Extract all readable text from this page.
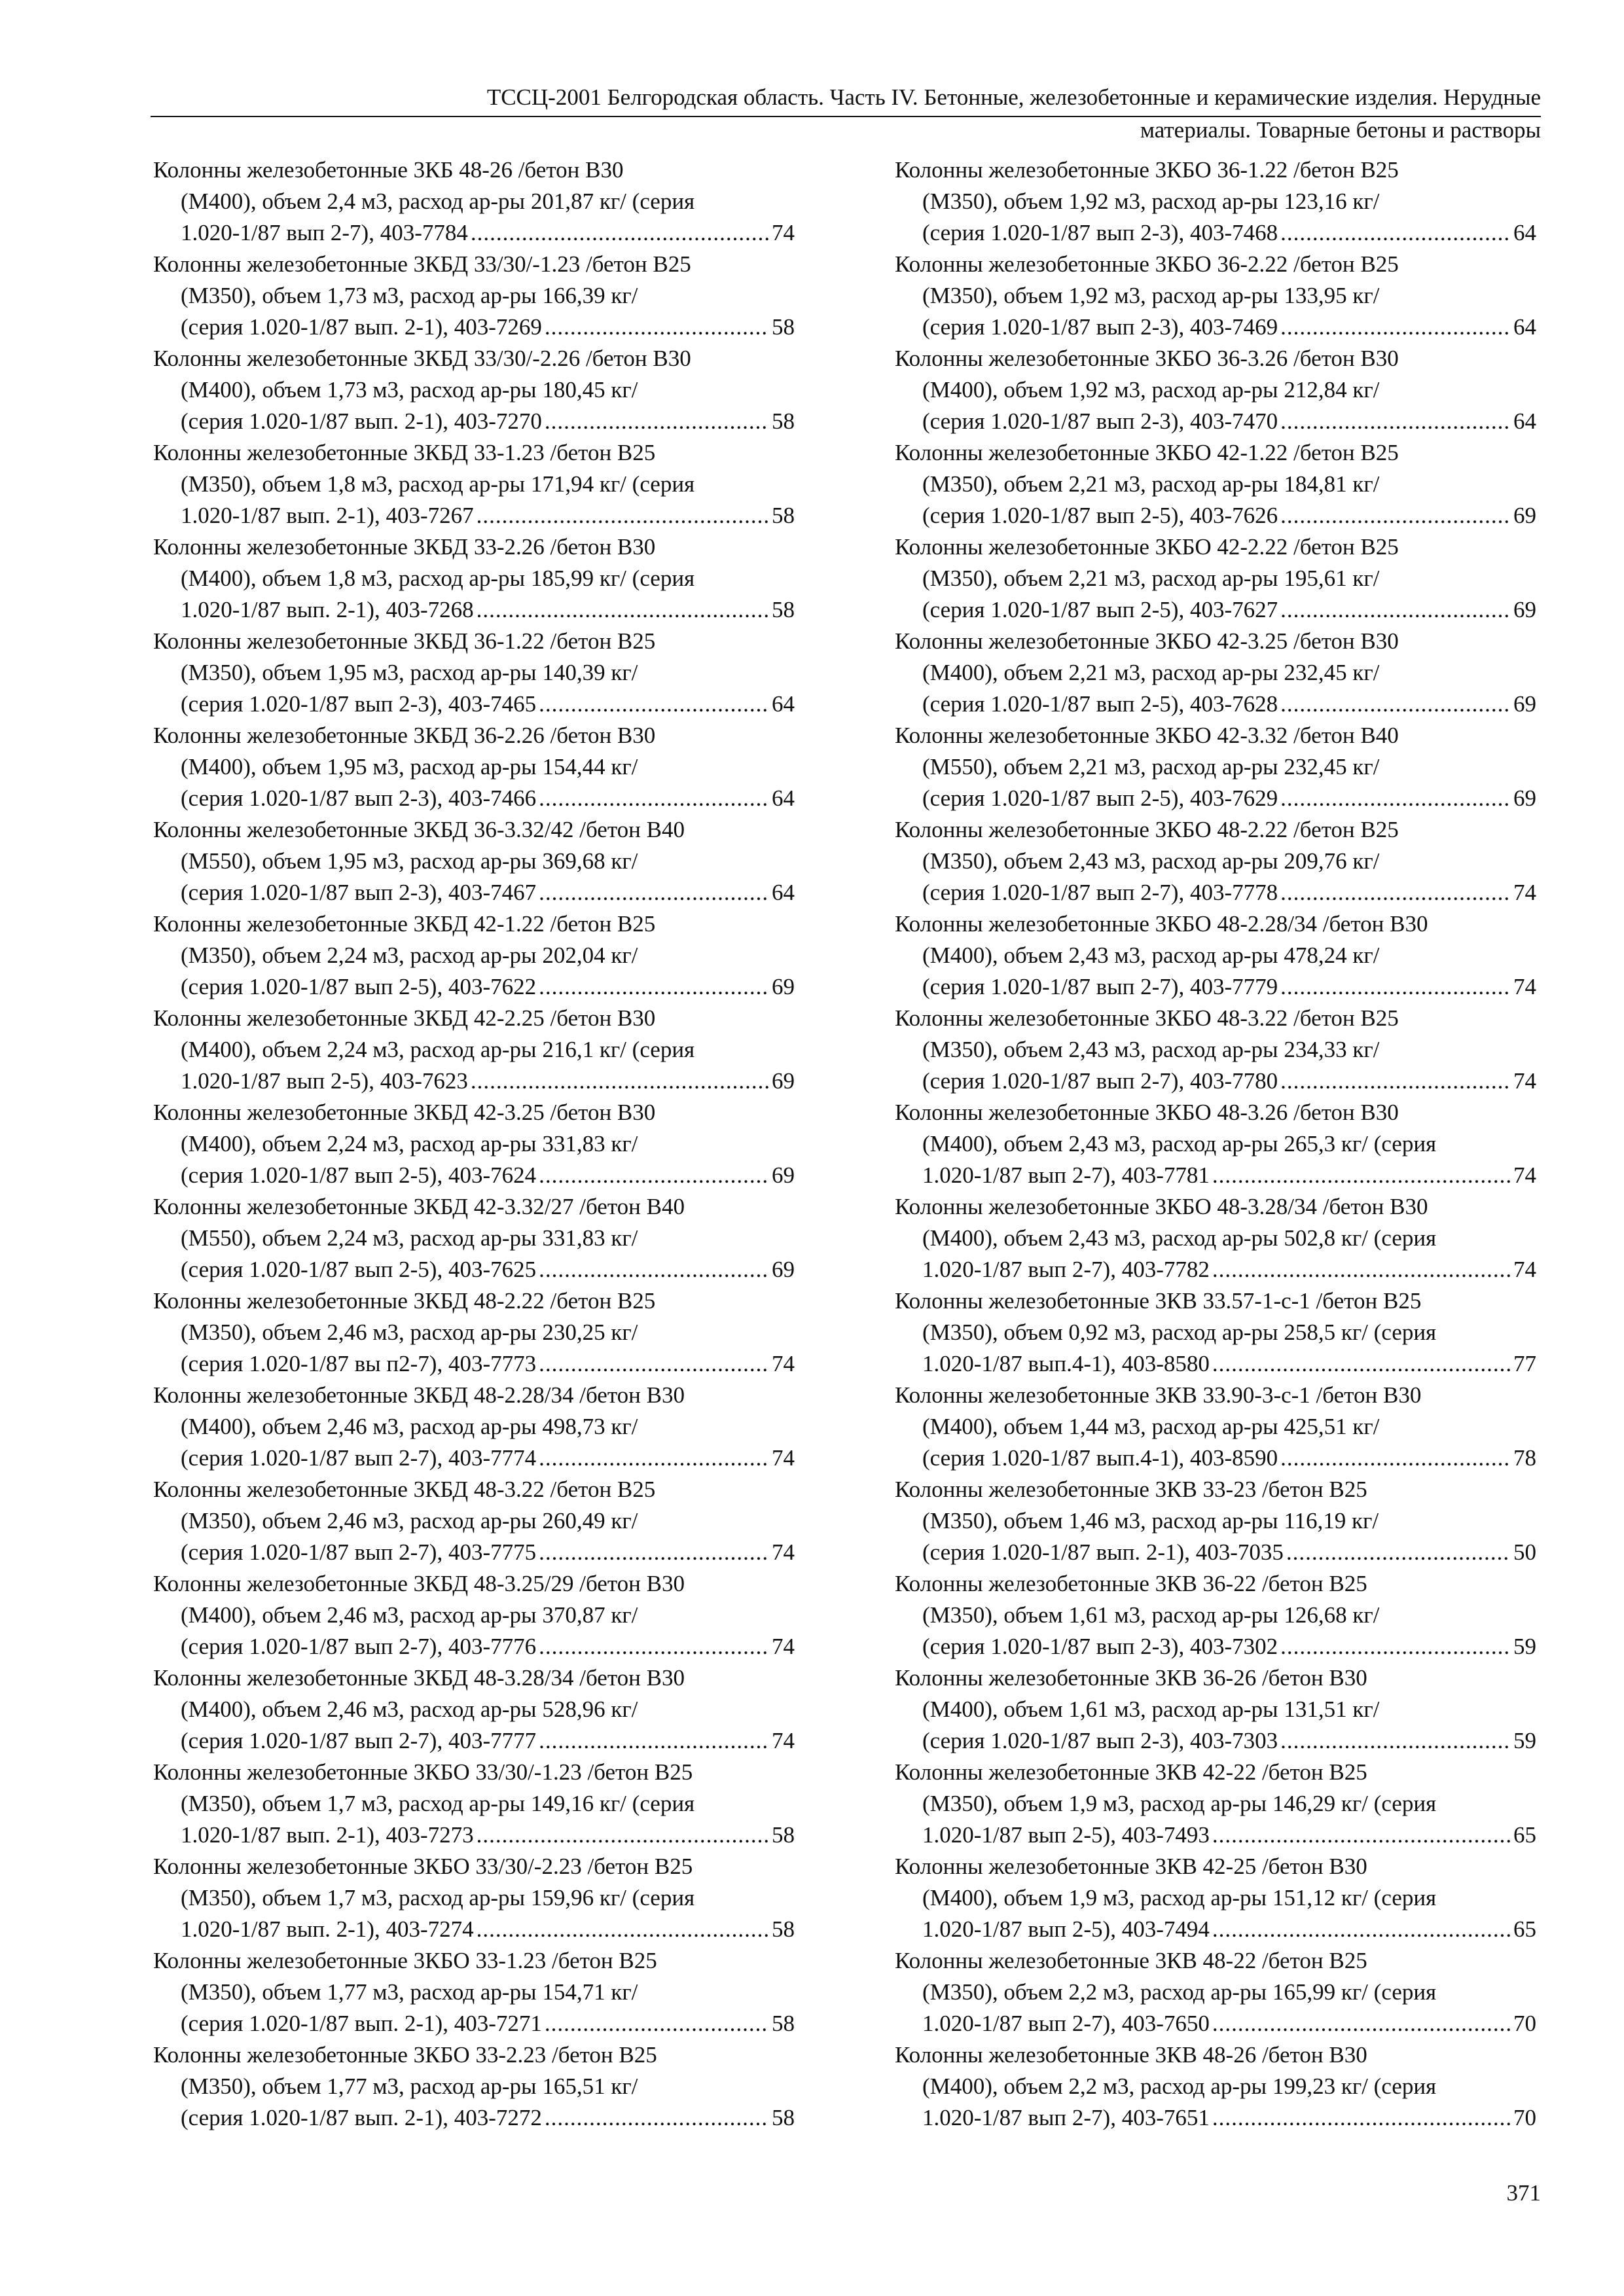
ТССЦ-2001 Белгородская область. Часть IV. Бетонные, железобетонные и керамические изделия. Нерудные
материалы. Товарные бетоны и растворы
Колонны железобетонные 3КБ 48-26 /бетон В30
(М400), объем 2,4 м3, расход ар-ры 201,87 кг/ (серия
1.020-1/87 вып 2-7), 403-7784 .....	74
Колонны железобетонные 3КБД 33/30/-1.23 /бетон В25
(М350), объем 1,73 м3, расход ар-ры 166,39 кг/
(серия 1.020-1/87 вып. 2-1), 403-7269 .....	58
Колонны железобетонные 3КБД 33/30/-2.26 /бетон В30
(М400), объем 1,73 м3, расход ар-ры 180,45 кг/
(серия 1.020-1/87 вып. 2-1), 403-7270 .....	58
Колонны железобетонные 3КБД 33-1.23 /бетон В25
(М350), объем 1,8 м3, расход ар-ры 171,94 кг/ (серия
1.020-1/87 вып. 2-1), 403-7267 .....	58
Колонны железобетонные 3КБД 33-2.26 /бетон В30
(М400), объем 1,8 м3, расход ар-ры 185,99 кг/ (серия
1.020-1/87 вып. 2-1), 403-7268 .....	58
Колонны железобетонные 3КБД 36-1.22 /бетон В25
(М350), объем 1,95 м3, расход ар-ры 140,39 кг/
(серия 1.020-1/87 вып 2-3), 403-7465 .....	64
Колонны железобетонные 3КБД 36-2.26 /бетон В30
(М400), объем 1,95 м3, расход ар-ры 154,44 кг/
(серия 1.020-1/87 вып 2-3), 403-7466 .....	64
Колонны железобетонные 3КБД 36-3.32/42 /бетон В40
(М550), объем 1,95 м3, расход ар-ры 369,68 кг/
(серия 1.020-1/87 вып 2-3), 403-7467 .....	64
Колонны железобетонные 3КБД 42-1.22 /бетон В25
(М350), объем 2,24 м3, расход ар-ры 202,04 кг/
(серия 1.020-1/87 вып 2-5), 403-7622 .....	69
Колонны железобетонные 3КБД 42-2.25 /бетон В30
(М400), объем 2,24 м3, расход ар-ры 216,1 кг/ (серия
1.020-1/87 вып 2-5), 403-7623 .....	69
Колонны железобетонные 3КБД 42-3.25 /бетон В30
(М400), объем 2,24 м3, расход ар-ры 331,83 кг/
(серия 1.020-1/87 вып 2-5), 403-7624 .....	69
Колонны железобетонные 3КБД 42-3.32/27 /бетон В40
(М550), объем 2,24 м3, расход ар-ры 331,83 кг/
(серия 1.020-1/87 вып 2-5), 403-7625 .....	69
Колонны железобетонные 3КБД 48-2.22 /бетон В25
(М350), объем 2,46 м3, расход ар-ры 230,25 кг/
(серия 1.020-1/87 вы п2-7), 403-7773 .....	74
Колонны железобетонные 3КБД 48-2.28/34 /бетон В30
(М400), объем 2,46 м3, расход ар-ры 498,73 кг/
(серия 1.020-1/87 вып 2-7), 403-7774 .....	74
Колонны железобетонные 3КБД 48-3.22 /бетон В25
(М350), объем 2,46 м3, расход ар-ры 260,49 кг/
(серия 1.020-1/87 вып 2-7), 403-7775 .....	74
Колонны железобетонные 3КБД 48-3.25/29 /бетон В30
(М400), объем 2,46 м3, расход ар-ры 370,87 кг/
(серия 1.020-1/87 вып 2-7), 403-7776 .....	74
Колонны железобетонные 3КБД 48-3.28/34 /бетон В30
(М400), объем 2,46 м3, расход ар-ры 528,96 кг/
(серия 1.020-1/87 вып 2-7), 403-7777 .....	74
Колонны железобетонные 3КБО 33/30/-1.23 /бетон В25
(М350), объем 1,7 м3, расход ар-ры 149,16 кг/ (серия
1.020-1/87 вып. 2-1), 403-7273 .....	58
Колонны железобетонные 3КБО 33/30/-2.23 /бетон В25
(М350), объем 1,7 м3, расход ар-ры 159,96 кг/ (серия
1.020-1/87 вып. 2-1), 403-7274 .....	58
Колонны железобетонные 3КБО 33-1.23 /бетон В25
(М350), объем 1,77 м3, расход ар-ры 154,71 кг/
(серия 1.020-1/87 вып. 2-1), 403-7271 .....	58
Колонны железобетонные 3КБО 33-2.23 /бетон В25
(М350), объем 1,77 м3, расход ар-ры 165,51 кг/
(серия 1.020-1/87 вып. 2-1), 403-7272 .....	58
Колонны железобетонные 3КБО 36-1.22 /бетон В25
(М350), объем 1,92 м3, расход ар-ры 123,16 кг/
(серия 1.020-1/87 вып 2-3), 403-7468 .....	64
Колонны железобетонные 3КБО 36-2.22 /бетон В25
(М350), объем 1,92 м3, расход ар-ры 133,95 кг/
(серия 1.020-1/87 вып 2-3), 403-7469 .....	64
Колонны железобетонные 3КБО 36-3.26 /бетон В30
(М400), объем 1,92 м3, расход ар-ры 212,84 кг/
(серия 1.020-1/87 вып 2-3), 403-7470 .....	64
Колонны железобетонные 3КБО 42-1.22 /бетон В25
(М350), объем 2,21 м3, расход ар-ры 184,81 кг/
(серия 1.020-1/87 вып 2-5), 403-7626 .....	69
Колонны железобетонные 3КБО 42-2.22 /бетон В25
(М350), объем 2,21 м3, расход ар-ры 195,61 кг/
(серия 1.020-1/87 вып 2-5), 403-7627 .....	69
Колонны железобетонные 3КБО 42-3.25 /бетон В30
(М400), объем 2,21 м3, расход ар-ры 232,45 кг/
(серия 1.020-1/87 вып 2-5), 403-7628 .....	69
Колонны железобетонные 3КБО 42-3.32 /бетон В40
(М550), объем 2,21 м3, расход ар-ры 232,45 кг/
(серия 1.020-1/87 вып 2-5), 403-7629 .....	69
Колонны железобетонные 3КБО 48-2.22 /бетон В25
(М350), объем 2,43 м3, расход ар-ры 209,76 кг/
(серия 1.020-1/87 вып 2-7), 403-7778 .....	74
Колонны железобетонные 3КБО 48-2.28/34 /бетон В30
(М400), объем 2,43 м3, расход ар-ры 478,24 кг/
(серия 1.020-1/87 вып 2-7), 403-7779 .....	74
Колонны железобетонные 3КБО 48-3.22 /бетон В25
(М350), объем 2,43 м3, расход ар-ры 234,33 кг/
(серия 1.020-1/87 вып 2-7), 403-7780 .....	74
Колонны железобетонные 3КБО 48-3.26 /бетон В30
(М400), объем 2,43 м3, расход ар-ры 265,3 кг/ (серия
1.020-1/87 вып 2-7), 403-7781 .....	74
Колонны железобетонные 3КБО 48-3.28/34 /бетон В30
(М400), объем 2,43 м3, расход ар-ры 502,8 кг/ (серия
1.020-1/87 вып 2-7), 403-7782 .....	74
Колонны железобетонные 3КВ 33.57-1-с-1 /бетон В25
(М350), объем 0,92 м3, расход ар-ры 258,5 кг/ (серия
1.020-1/87 вып.4-1), 403-8580 .....	77
Колонны железобетонные 3КВ 33.90-3-с-1 /бетон В30
(М400), объем 1,44 м3, расход ар-ры 425,51 кг/
(серия 1.020-1/87 вып.4-1), 403-8590 .....	78
Колонны железобетонные 3КВ 33-23 /бетон В25
(М350), объем 1,46 м3, расход ар-ры 116,19 кг/
(серия 1.020-1/87 вып. 2-1), 403-7035 .....	50
Колонны железобетонные 3КВ 36-22 /бетон В25
(М350), объем 1,61 м3, расход ар-ры 126,68 кг/
(серия 1.020-1/87 вып 2-3), 403-7302 .....	59
Колонны железобетонные 3КВ 36-26 /бетон В30
(М400), объем 1,61 м3, расход ар-ры 131,51 кг/
(серия 1.020-1/87 вып 2-3), 403-7303 .....	59
Колонны железобетонные 3КВ 42-22 /бетон В25
(М350), объем 1,9 м3, расход ар-ры 146,29 кг/ (серия
1.020-1/87 вып 2-5), 403-7493 .....	65
Колонны железобетонные 3КВ 42-25 /бетон В30
(М400), объем 1,9 м3, расход ар-ры 151,12 кг/ (серия
1.020-1/87 вып 2-5), 403-7494 .....	65
Колонны железобетонные 3КВ 48-22 /бетон В25
(М350), объем 2,2 м3, расход ар-ры 165,99 кг/ (серия
1.020-1/87 вып 2-7), 403-7650 .....	70
Колонны железобетонные 3КВ 48-26 /бетон В30
(М400), объем 2,2 м3, расход ар-ры 199,23 кг/ (серия
1.020-1/87 вып 2-7), 403-7651 .....	70
371
